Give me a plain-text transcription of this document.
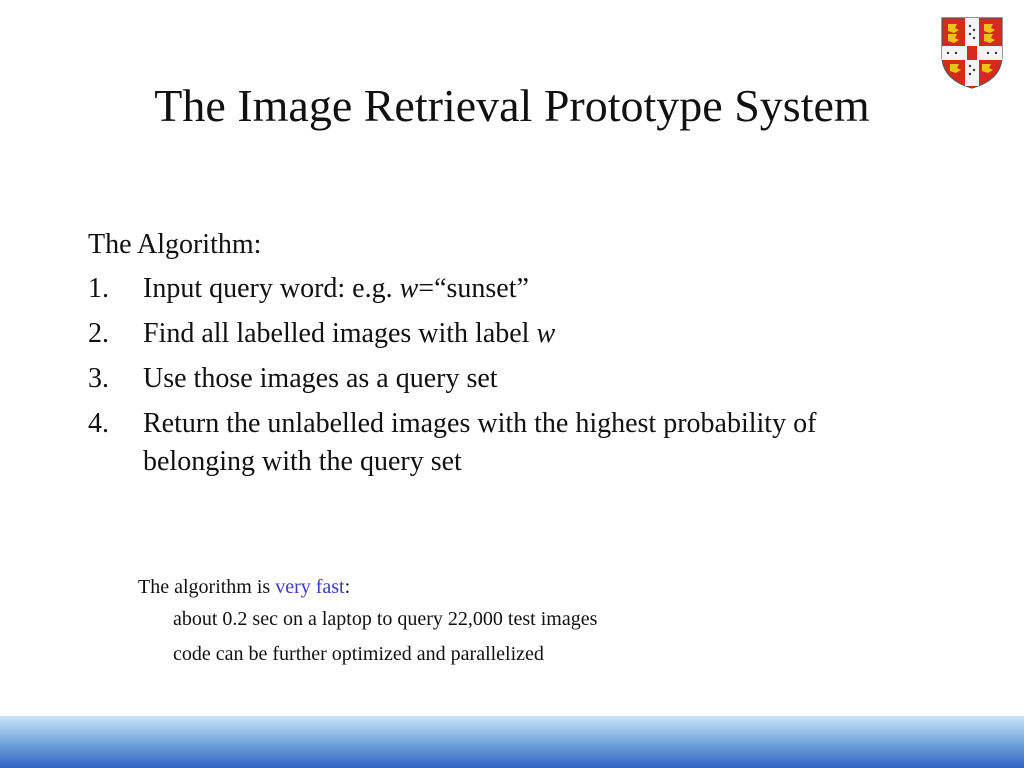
The Image Retrieval Prototype System
The Algorithm:
1.	Input query word: e.g. w=“sunset”
2.	Find all labelled images with label w
3.	Use those images as a query set
4.	Return the unlabelled images with the highest probability of belonging with the query set
The algorithm is very fast:
about 0.2 sec on a laptop to query 22,000 test images
code can be further optimized and parallelized
